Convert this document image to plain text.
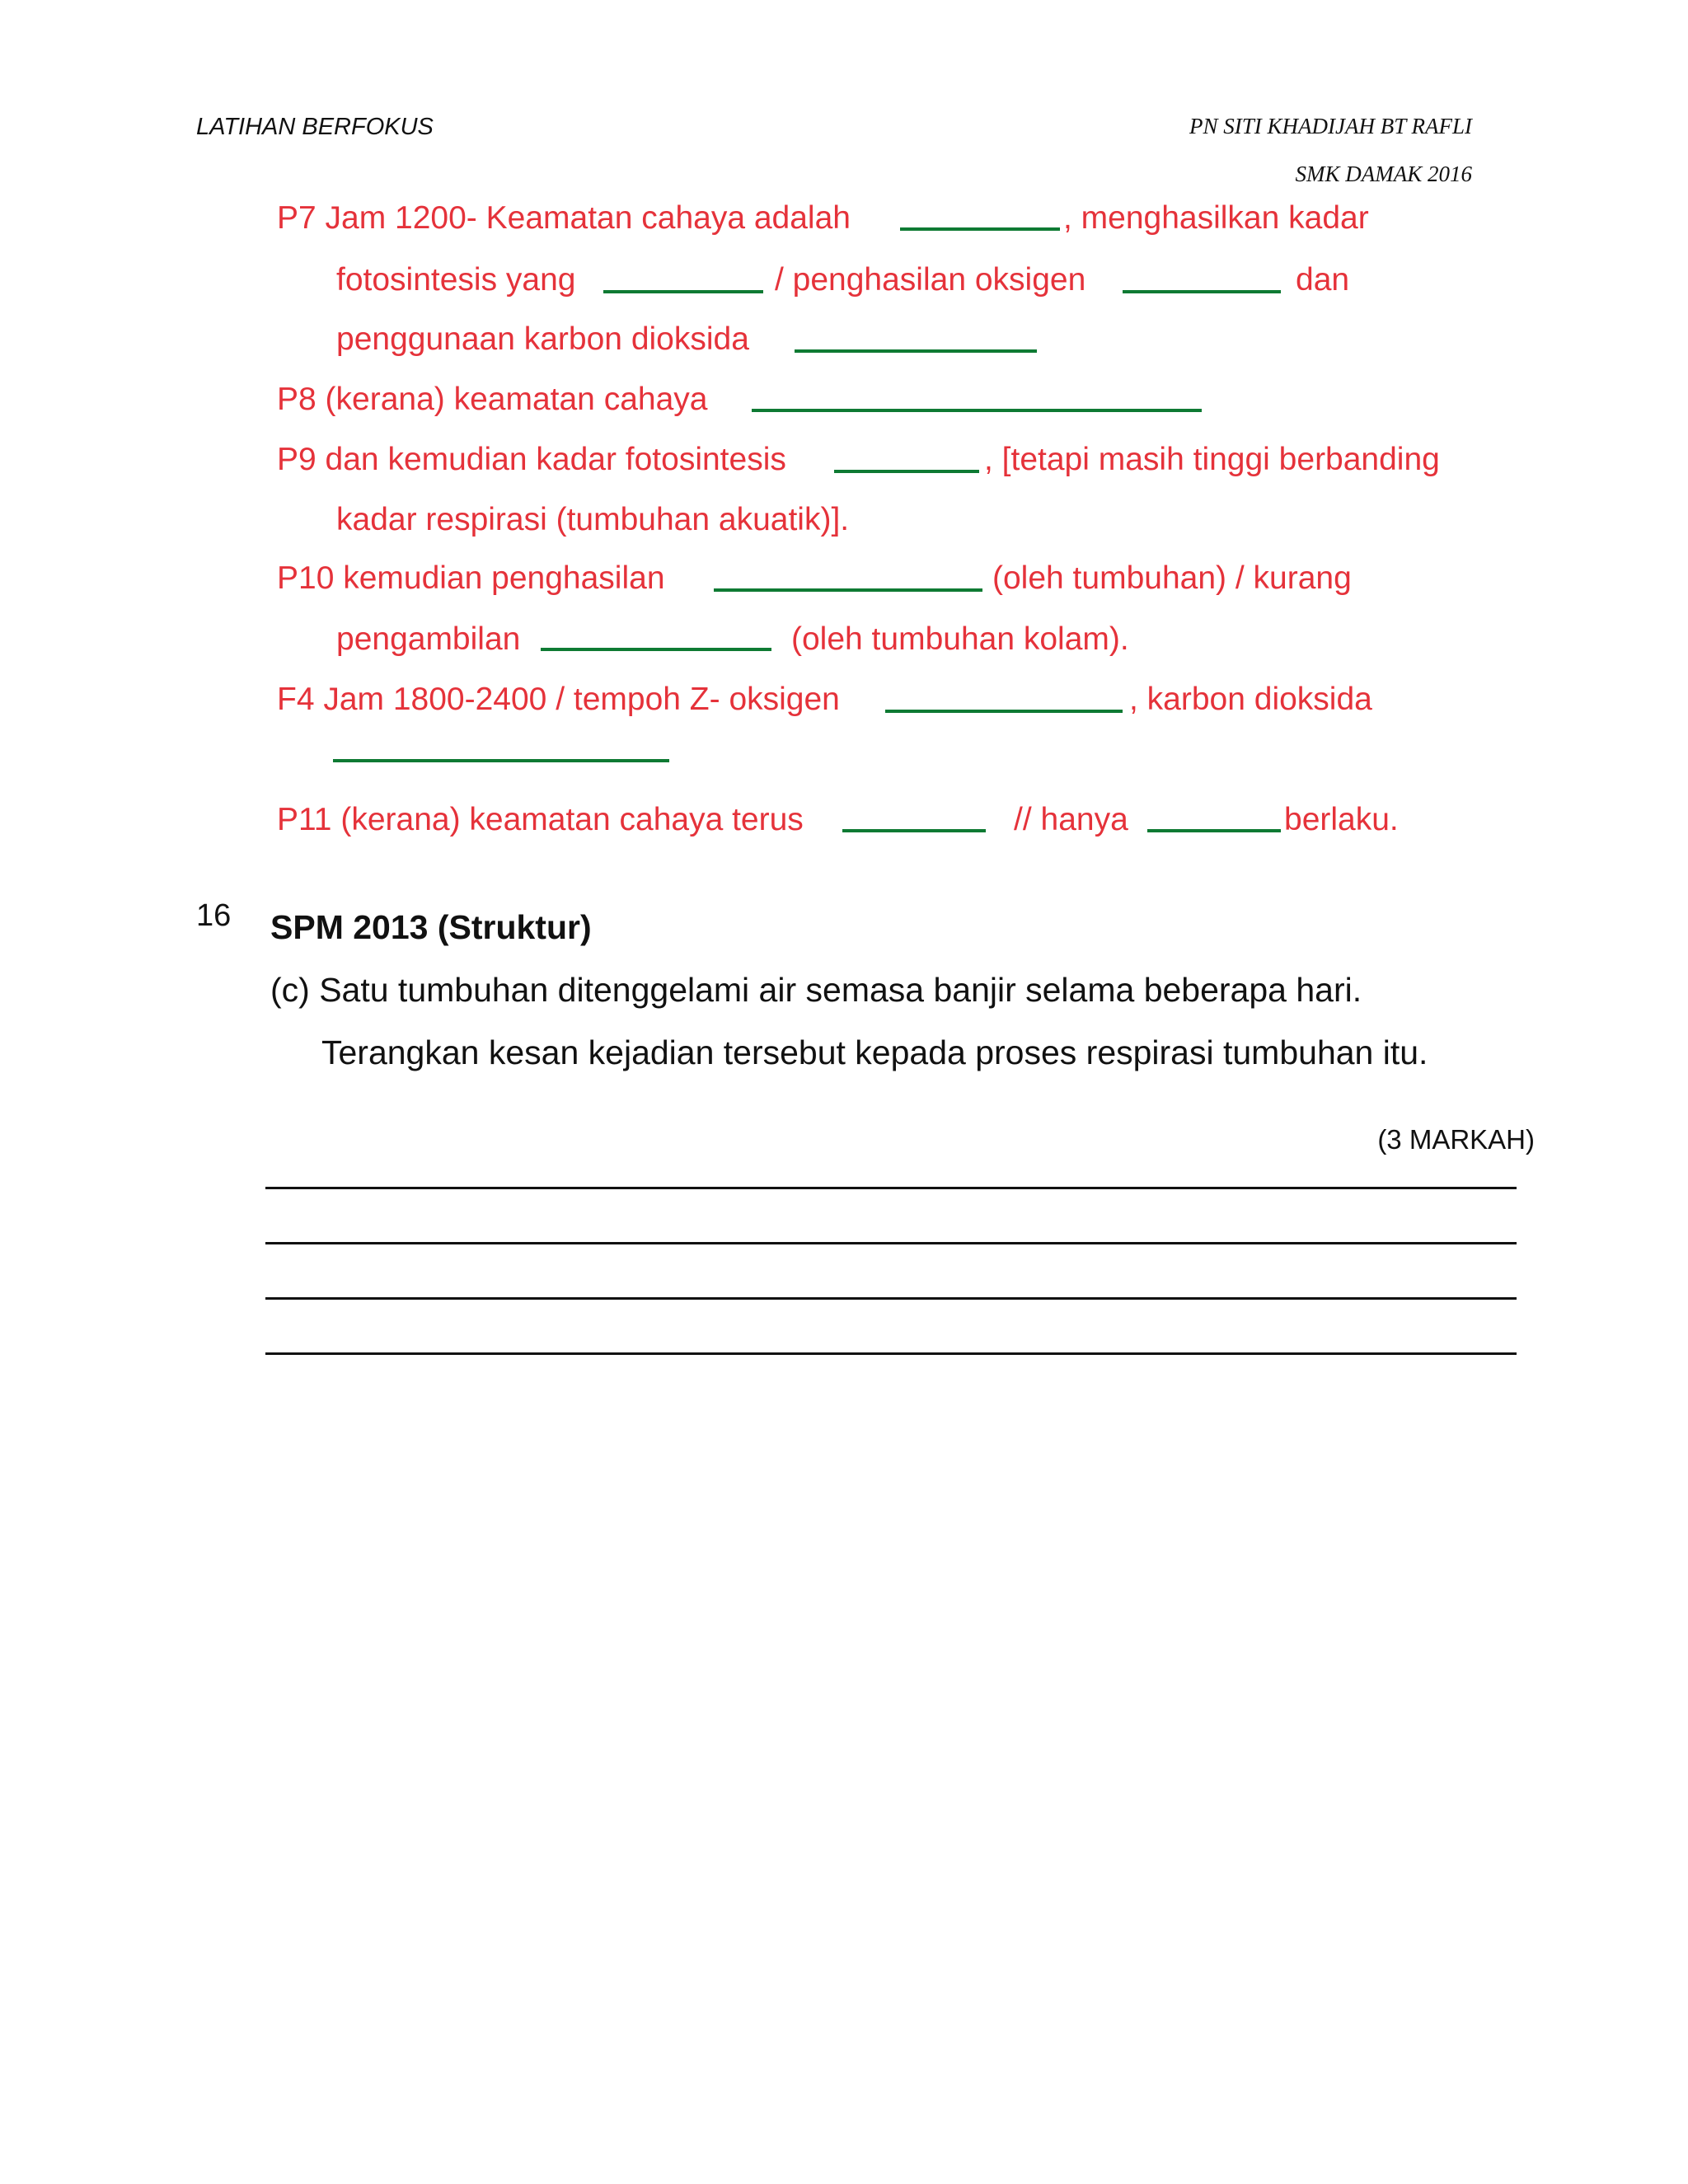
LATIHAN BERFOKUS	PN SITI KHADIJAH BT RAFLI
SMK DAMAK 2016
P7 Jam 1200- Keamatan cahaya adalah	, menghasilkan kadar
fotosintesis yang	/ penghasilan oksigen	dan
penggunaan karbon dioksida
P8 (kerana) keamatan cahaya
P9 dan kemudian kadar fotosintesis	, [tetapi masih tinggi berbanding
kadar respirasi (tumbuhan akuatik)].
P10 kemudian penghasilan	(oleh tumbuhan) / kurang
pengambilan	(oleh tumbuhan kolam).
F4 Jam 1800-2400 / tempoh Z- oksigen	, karbon dioksida
P11 (kerana) keamatan cahaya terus	// hanya	berlaku.
16 SPM 2013 (Struktur)
(c) Satu tumbuhan ditenggelami air semasa banjir selama beberapa hari.
Terangkan kesan kejadian tersebut kepada proses respirasi tumbuhan itu.
(3 MARKAH)
